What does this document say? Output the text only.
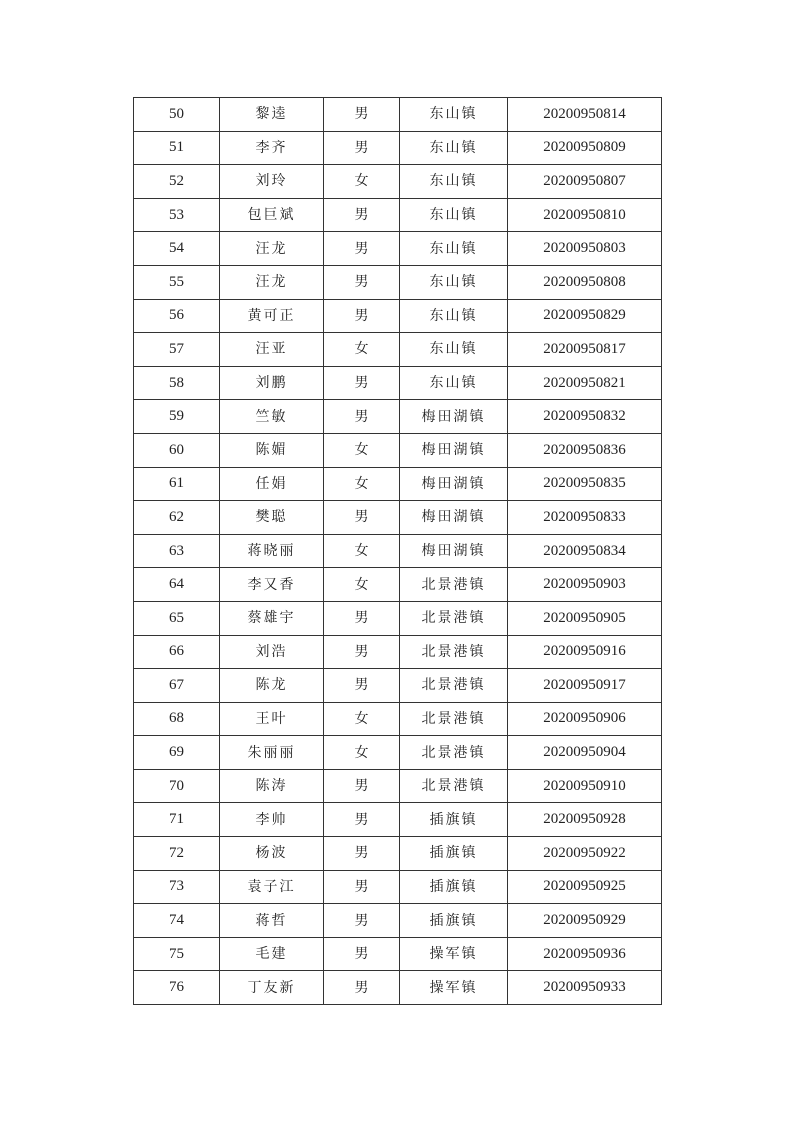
50	黎逵	男	东山镇	20200950814
51	李齐	男	东山镇	20200950809
52	刘玲	女	东山镇	20200950807
53	包巨斌	男	东山镇	20200950810
54	汪龙	男	东山镇	20200950803
55	汪龙	男	东山镇	20200950808
56	黄可正	男	东山镇	20200950829
57	汪亚	女	东山镇	20200950817
58	刘鹏	男	东山镇	20200950821
59	竺敏	男	梅田湖镇	20200950832
60	陈媚	女	梅田湖镇	20200950836
61	任娟	女	梅田湖镇	20200950835
62	樊聪	男	梅田湖镇	20200950833
63	蒋晓丽	女	梅田湖镇	20200950834
64	李又香	女	北景港镇	20200950903
65	蔡雄宇	男	北景港镇	20200950905
66	刘浩	男	北景港镇	20200950916
67	陈龙	男	北景港镇	20200950917
68	王叶	女	北景港镇	20200950906
69	朱丽丽	女	北景港镇	20200950904
70	陈涛	男	北景港镇	20200950910
71	李帅	男	插旗镇	20200950928
72	杨波	男	插旗镇	20200950922
73	袁子江	男	插旗镇	20200950925
74	蒋哲	男	插旗镇	20200950929
75	毛建	男	操军镇	20200950936
76	丁友新	男	操军镇	20200950933
